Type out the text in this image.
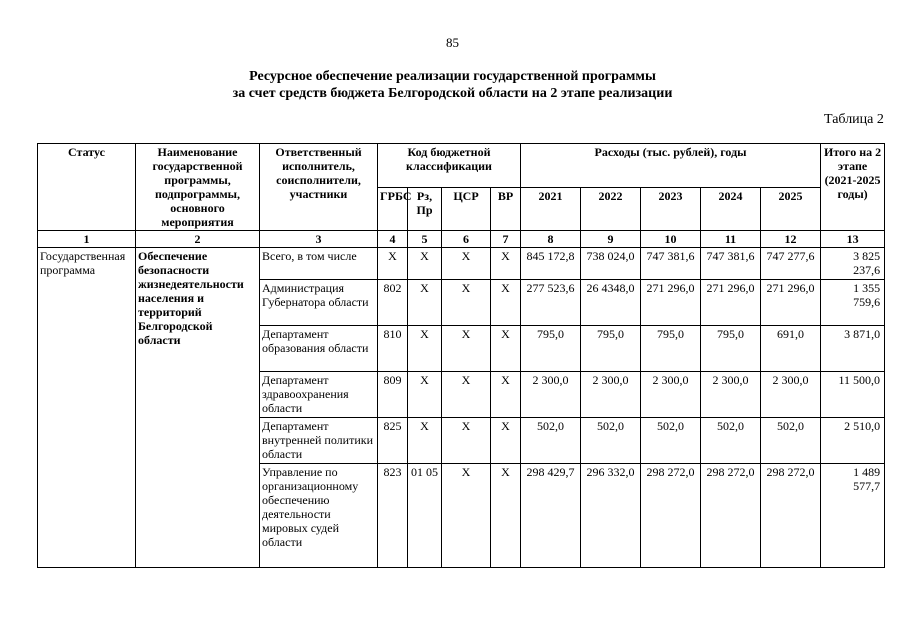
85
Ресурсное обеспечение реализации государственной программы
за счет средств бюджета Белгородской области на 2 этапе реализации
Таблица 2
Статус	Наименование государственной программы, подпрограммы, основного мероприятия	Ответственный исполнитель, соисполнители, участники	Код бюджетной классификации				Расходы (тыс. рублей), годы					Итого на 2 этапе (2021-2025 годы)
			ГРБС	Рз, Пр	ЦСР	ВР	2021	2022	2023	2024	2025	
1	2	3	4	5	6	7	8	9	10	11	12	13
Государственная программа	Обеспечение безопасности жизнедеятельности населения и территорий Белгородской области	Всего, в том числе	Х	Х	Х	Х	845 172,8	738 024,0	747 381,6	747 381,6	747 277,6	3 825
237,6

		Администрация Губернатора области	802	Х	Х	Х	277 523,6	26 4348,0	271 296,0	271 296,0	271 296,0	1 355
759,6

		Департамент образования области	810	Х	Х	Х	795,0	795,0	795,0	795,0	691,0	3 871,0

		Департамент здравоохранения области	809	Х	Х	Х	2 300,0	2 300,0	2 300,0	2 300,0	2 300,0	11 500,0

		Департамент внутренней политики области	825	Х	Х	Х	502,0	502,0	502,0	502,0	502,0	2 510,0

		Управление по организационному обеспечению деятельности мировых судей области	823	01 05	Х	Х	298 429,7	296 332,0	298 272,0	298 272,0	298 272,0	1 489
577,7
